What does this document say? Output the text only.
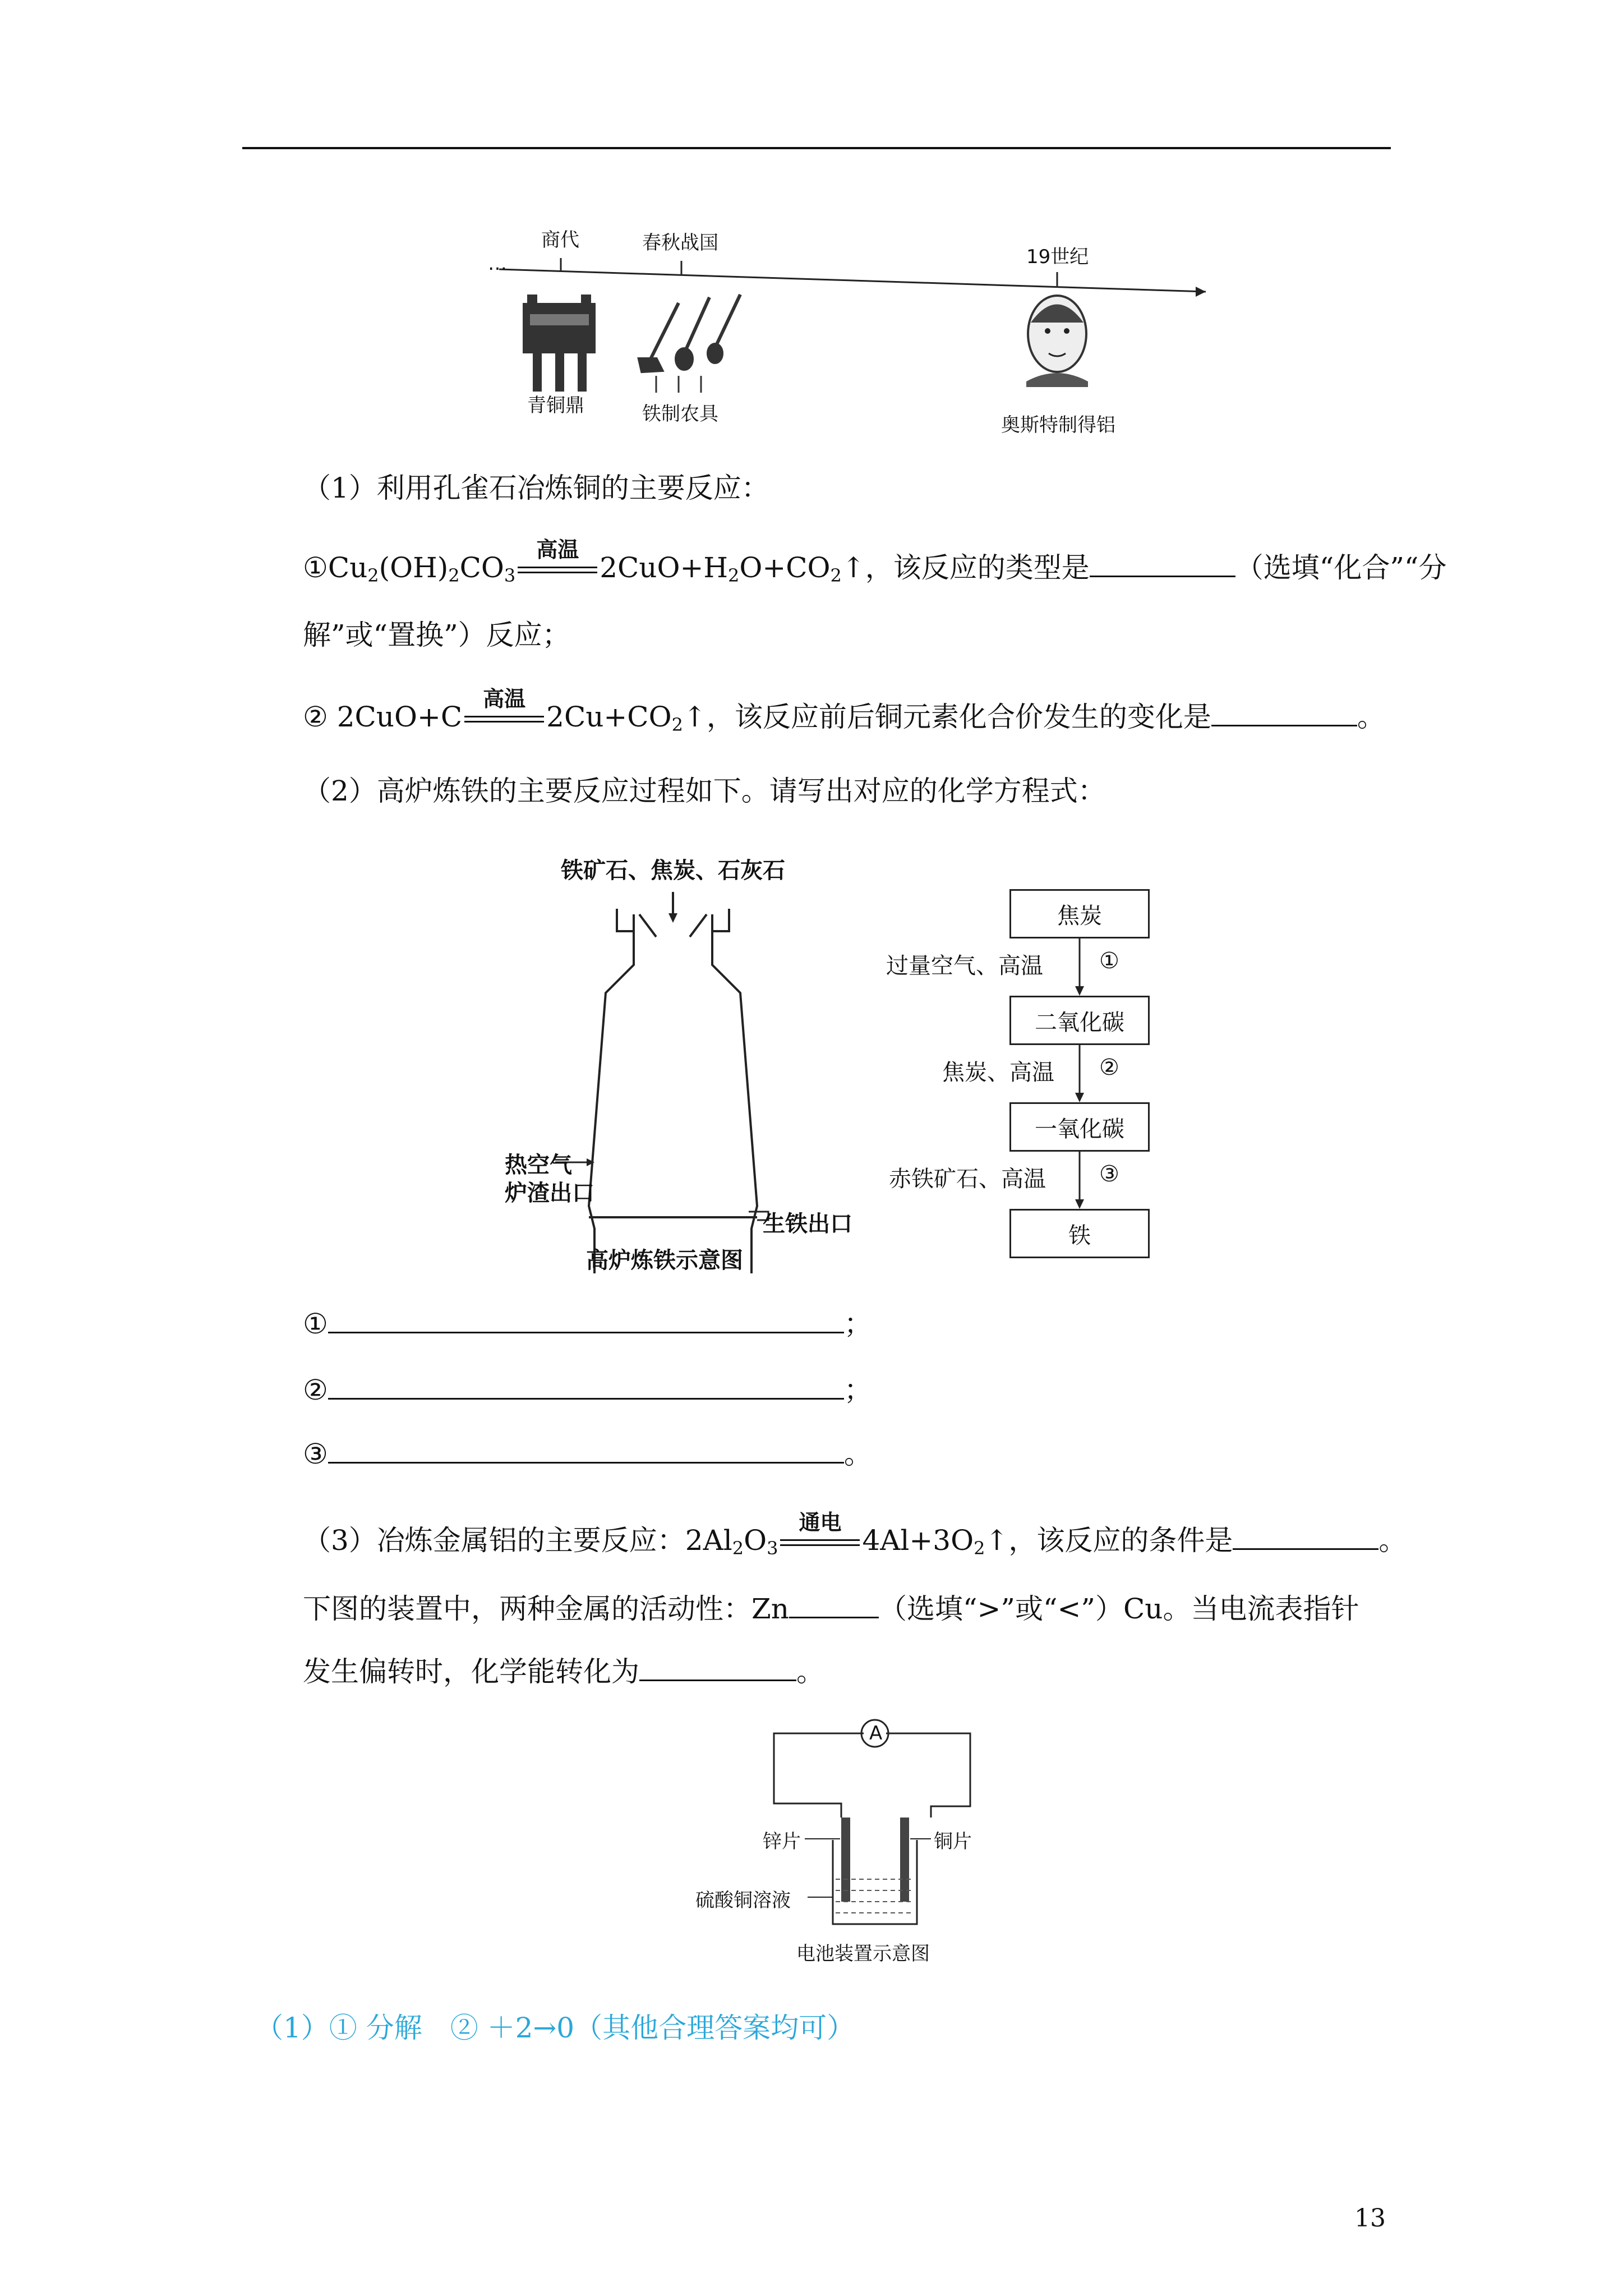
…
商代	春秋战国
19世纪
青铜鼎	铁制农具	奥斯特制得铝
（1）利用孔雀石冶炼铜的主要反应：
$①Cu_2(OH)_2CO_3$
高温
$2CuO+H_2O+CO_2↑$，该反应的类型是	（选填“化合”“分
解”或“置换”）反应；
② 2CuO+C
高温
$2Cu+CO_2↑$，该反应前后铜元素化合价发生的变化是	。
（2）高炉炼铁的主要反应过程如下。请写出对应的化学方程式：
铁矿石、焦炭、石灰石
热空气
炉渣出口
生铁出口
高炉炼铁示意图
焦炭
二氧化碳
一氧化碳
铁
过量空气、高温	①
焦炭、高温 ②
赤铁矿石、高温 ③
①	；
②	；
③	。
（3）冶炼金属铝的主要反应：$2Al_2O_3$
通电
$4Al+3O_2↑$，该反应的条件是	。
下图的装置中，两种金属的活动性：Zn	（选填“>”或“<”）Cu。当电流表指针
发生偏转时，化学能转化为	。
A
锌片	铜片
硫酸铜溶液
电池装置示意图
（1）① 分解　② ＋2→0（其他合理答案均可）
13
